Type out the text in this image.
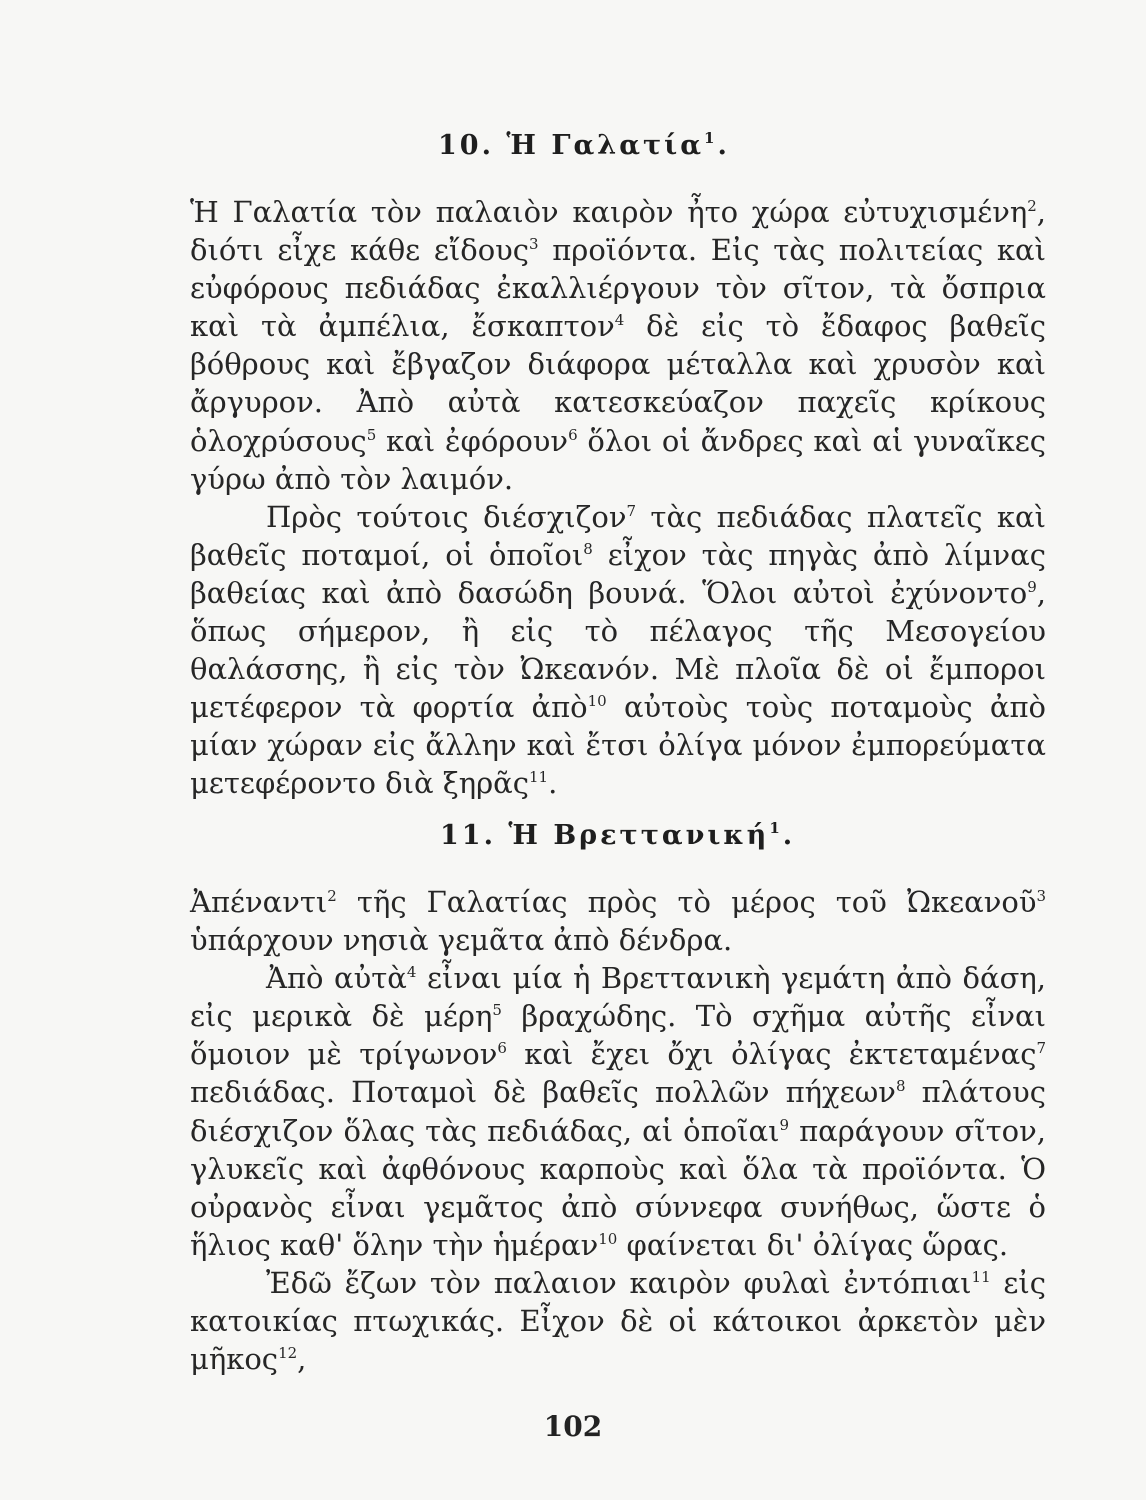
10. Ἡ Γαλατία$^1$.

Ἡ Γαλατία τὸν παλαιὸν καιρὸν ἦτο χώρα εὐτυχισμένη$^2$, διότι εἶχε κάθε εἴδους$^3$ προϊόντα. Εἰς τὰς πολιτείας καὶ εὐφόρους πεδιάδας ἐκαλλιέργουν τὸν σῖτον, τὰ ὄσπρια καὶ τὰ ἀμπέλια, ἔσκαπτον$^4$ δὲ εἰς τὸ ἔδαφος βαθεῖς βόθρους καὶ ἔβγαζον διάφορα μέταλλα καὶ χρυσὸν καὶ ἄργυρον. Ἀπὸ αὐτὰ κατεσκεύαζον παχεῖς κρίκους ὁλοχρύσους$^5$ καὶ ἐφόρουν$^6$ ὅλοι οἱ ἄνδρες καὶ αἱ γυναῖκες γύρω ἀπὸ τὸν λαιμόν.

Πρὸς τούτοις διέσχιζον$^7$ τὰς πεδιάδας πλατεῖς καὶ βαθεῖς ποταμοί, οἱ ὁποῖοι$^8$ εἶχον τὰς πηγὰς ἀπὸ λίμνας βαθείας καὶ ἀπὸ δασώδη βουνά. Ὅλοι αὐτοὶ ἐχύνοντο$^9$, ὅπως σήμερον, ἢ εἰς τὸ πέλαγος τῆς Μεσογείου θαλάσσης, ἢ εἰς τὸν Ὠκεανόν. Μὲ πλοῖα δὲ οἱ ἔμποροι μετέφερον τὰ φορτία ἀπὸ$^{10}$ αὐτοὺς τοὺς ποταμοὺς ἀπὸ μίαν χώραν εἰς ἄλλην καὶ ἔτσι ὀλίγα μόνον ἐμπορεύματα μετεφέροντο διὰ ξηρᾶς$^{11}$.

11. Ἡ Βρεττανική$^1$.

Ἀπέναντι$^2$ τῆς Γαλατίας πρὸς τὸ μέρος τοῦ Ὠκεανοῦ$^3$ ὑπάρχουν νησιὰ γεμᾶτα ἀπὸ δένδρα.

Ἀπὸ αὐτὰ$^4$ εἶναι μία ἡ Βρεττανικὴ γεμάτη ἀπὸ δάση, εἰς μερικὰ δὲ μέρη$^5$ βραχώδης. Τὸ σχῆμα αὐτῆς εἶναι ὅμοιον μὲ τρίγωνον$^6$ καὶ ἔχει ὄχι ὀλίγας ἐκτεταμένας$^7$ πεδιάδας. Ποταμοὶ δὲ βαθεῖς πολλῶν πήχεων$^8$ πλάτους διέσχιζον ὅλας τὰς πεδιάδας, αἱ ὁποῖαι$^9$ παράγουν σῖτον, γλυκεῖς καὶ ἀφθόνους καρποὺς καὶ ὅλα τὰ προϊόντα. Ὁ οὐρανὸς εἶναι γεμᾶτος ἀπὸ σύννεφα συνήθως, ὥστε ὁ ἥλιος καθ' ὅλην τὴν ἡμέραν$^{10}$ φαίνεται δι' ὀλίγας ὥρας.

Ἐδῶ ἔζων τὸν παλαιον καιρὸν φυλαὶ ἐντόπιαι$^{11}$ εἰς κατοικίας πτωχικάς. Εἶχον δὲ οἱ κάτοικοι ἀρκετὸν μὲν μῆκος$^{12}$,

102
